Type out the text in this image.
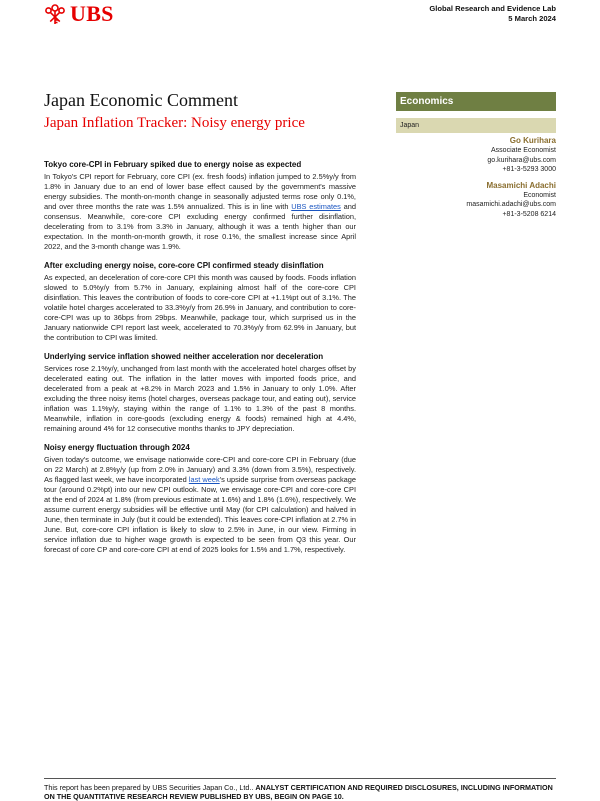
UBS	Global Research and Evidence Lab
5 March 2024
Japan Economic Comment
Japan Inflation Tracker: Noisy energy price
Economics
Japan
Go Kurihara
Associate Economist
go.kurihara@ubs.com
+81-3-5293 3000
Masamichi Adachi
Economist
masamichi.adachi@ubs.com
+81-3-5208 6214
Tokyo core-CPI in February spiked due to energy noise as expected

In Tokyo's CPI report for February, core CPI (ex. fresh foods) inflation jumped to 2.5%y/y from 1.8% in January due to an end of lower base effect caused by the government's massive energy subsidies. The month-on-month change in seasonally adjusted terms rose only 0.1%, and over three months the rate was 1.5% annualized. This is in line with UBS estimates and consensus. Meanwhile, core-core CPI excluding energy confirmed further disinflation, decelerating from to 3.1% from 3.3% in January, although it was a tenth higher than our expectation. In the month-on-month growth, it rose 0.1%, the smallest increase since April 2022, and the 3-month change was 1.9%.

After excluding energy noise, core-core CPI confirmed steady disinflation

As expected, an deceleration of core-core CPI this month was caused by foods. Foods inflation slowed to 5.0%y/y from 5.7% in January, explaining almost half of the core-core CPI disinflation. This leaves the contribution of foods to core-core CPI at +1.1%pt out of 3.1%. The volatile hotel charges accelerated to 33.3%y/y from 26.9% in January, and contribution to core-core-CPI was up to 36bps from 29bps. Meanwhile, package tour, which surprised us in the January nationwide CPI report last week, accelerated to 70.3%y/y from 62.9% in January, but the contribution to CPI was limited.

Underlying service inflation showed neither acceleration nor deceleration

Services rose 2.1%y/y, unchanged from last month with the accelerated hotel charges offset by decelerated eating out. The inflation in the latter moves with imported foods price, and decelerated from a peak at +8.2% in March 2023 and 1.5% in January to only 1.0%. After excluding the three noisy items (hotel charges, overseas package tour, and eating out), service inflation was 1.1%y/y, staying within the range of 1.1% to 1.3% of the past 8 months. Meanwhile, inflation in core-goods (excluding energy & foods) remained high at 4.4%, remaining around 4% for 12 consecutive months thanks to JPY depreciation.

Noisy energy fluctuation through 2024

Given today's outcome, we envisage nationwide core-CPI and core-core CPI in February (due on 22 March) at 2.8%y/y (up from 2.0% in January) and 3.3% (down from 3.5%), respectively. As flagged last week, we have incorporated last week's upside surprise from overseas package tour (around 0.2%pt) into our new CPI outlook. Now, we envisage core-CPI and core-core CPI at the end of 2024 at 1.8% (from previous estimate at 1.6%) and 1.8% (1.6%), respectively. We assume current energy subsidies will be effective until May (for CPI calculation) and halved in June, then terminate in July (but it could be extended). This leaves core-CPI inflation at 2.7% in June. But, core-core CPI inflation is likely to slow to 2.5% in June, in our view. Firming in service inflation due to higher wage growth is expected to be seen from Q3 this year. Our forecast of core CP and core-core CPI at end of 2025 looks for 1.5% and 1.7%, respectively.

This report has been prepared by UBS Securities Japan Co., Ltd.. ANALYST CERTIFICATION AND REQUIRED DISCLOSURES, INCLUDING INFORMATION ON THE QUANTITATIVE RESEARCH REVIEW PUBLISHED BY UBS, BEGIN ON PAGE 10.
